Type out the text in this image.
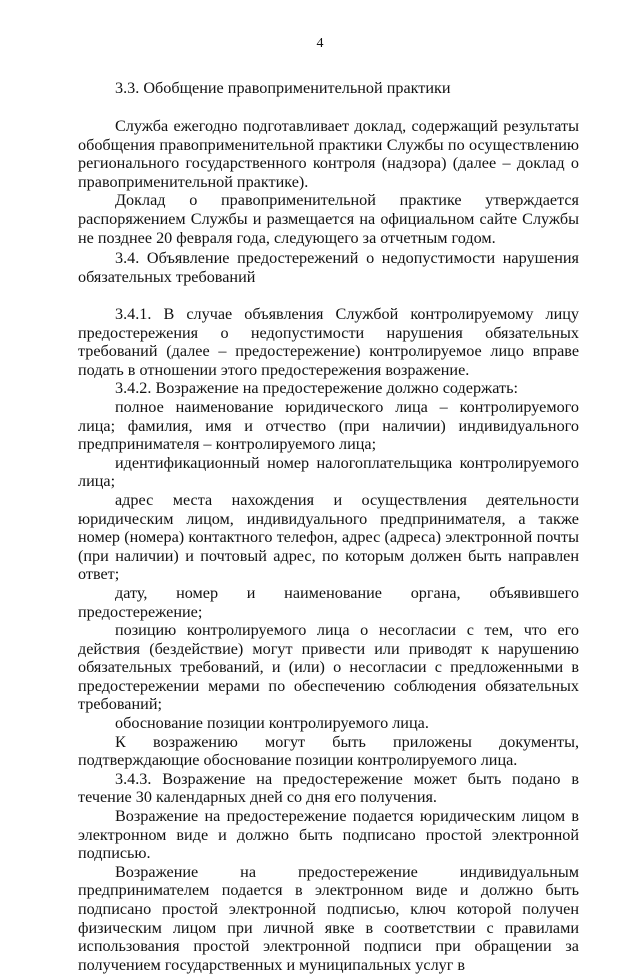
4

3.3. Обобщение правоприменительной практики

Служба ежегодно подготавливает доклад, содержащий результаты обобщения правоприменительной практики Службы по осуществлению регионального государственного контроля (надзора) (далее – доклад о правоприменительной практике).

Доклад о правоприменительной практике утверждается распоряжением Службы и размещается на официальном сайте Службы не позднее 20 февраля года, следующего за отчетным годом.

3.4. Объявление предостережений о недопустимости нарушения обязательных требований

3.4.1. В случае объявления Службой контролируемому лицу предостережения о недопустимости нарушения обязательных требований (далее – предостережение) контролируемое лицо вправе подать в отношении этого предостережения возражение.

3.4.2. Возражение на предостережение должно содержать:

полное наименование юридического лица – контролируемого лица; фамилия, имя и отчество (при наличии) индивидуального предпринимателя – контролируемого лица;

идентификационный номер налогоплательщика контролируемого лица;

адрес места нахождения и осуществления деятельности юридическим лицом, индивидуального предпринимателя, а также номер (номера) контактного телефон, адрес (адреса) электронной почты (при наличии) и почтовый адрес, по которым должен быть направлен ответ;

дату, номер и наименование органа, объявившего предостережение;

позицию контролируемого лица о несогласии с тем, что его действия (бездействие) могут привести или приводят к нарушению обязательных требований, и (или) о несогласии с предложенными в предостережении мерами по обеспечению соблюдения обязательных требований;

обоснование позиции контролируемого лица.

К возражению могут быть приложены документы, подтверждающие обоснование позиции контролируемого лица.

3.4.3. Возражение на предостережение может быть подано в течение 30 календарных дней со дня его получения.

Возражение на предостережение подается юридическим лицом в электронном виде и должно быть подписано простой электронной подписью.

Возражение на предостережение индивидуальным предпринимателем подается в электронном виде и должно быть подписано простой электронной подписью, ключ которой получен физическим лицом при личной явке в соответствии с правилами использования простой электронной подписи при обращении за получением государственных и муниципальных услуг в
